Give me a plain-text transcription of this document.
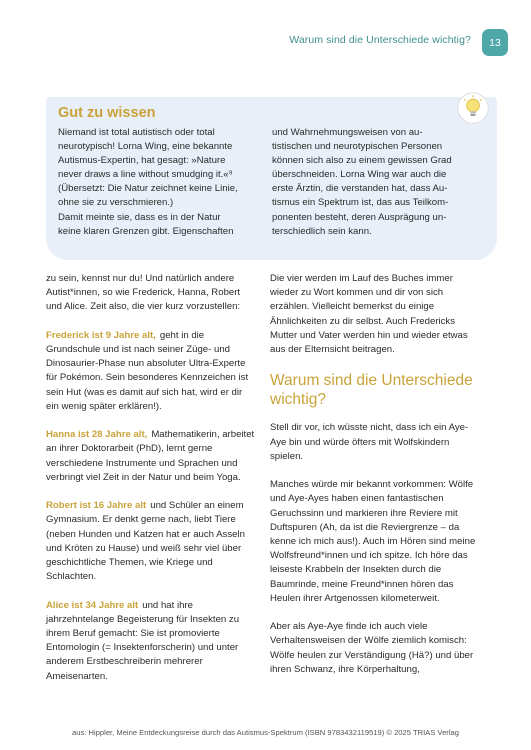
Warum sind die Unterschiede wichtig? 13
Gut zu wissen

Niemand ist total autistisch oder total

neurotypisch! Lorna Wing, eine bekannte

Autismus-Expertin, hat gesagt: »Nature

never draws a line without smudging it.«⁹

(Übersetzt: Die Natur zeichnet keine Linie,

ohne sie zu verschmieren.)

Damit meinte sie, dass es in der Natur

keine klaren Grenzen gibt. Eigenschaften

und Wahrnehmungsweisen von au-

tistischen und neurotypischen Personen

können sich also zu einem gewissen Grad

überschneiden. Lorna Wing war auch die

erste Ärztin, die verstanden hat, dass Au-

tismus ein Spektrum ist, das aus Teilkom-

ponenten besteht, deren Ausprägung un-

terschiedlich sein kann.

zu sein, kennst nur du! Und natürlich andere Autist*innen, so wie Frederick, Hanna, Robert und Alice. Zeit also, die vier kurz vorzustellen:

Frederick ist 9 Jahre alt, geht in die Grundschule und ist nach seiner Züge- und Dinosaurier-Phase nun absoluter Ultra-Experte für Pokémon. Sein besonderes Kennzeichen ist sein Hut (was es damit auf sich hat, wird er dir ein wenig später erklären!).

Hanna ist 28 Jahre alt, Mathematikerin, arbeitet an ihrer Doktorarbeit (PhD), lernt gerne verschiedene Instrumente und Sprachen und verbringt viel Zeit in der Natur und beim Yoga.

Robert ist 16 Jahre alt und Schüler an einem Gymnasium. Er denkt gerne nach, liebt Tiere (neben Hunden und Katzen hat er auch Asseln und Kröten zu Hause) und weiß sehr viel über geschichtliche Themen, wie Kriege und Schlachten.

Alice ist 34 Jahre alt und hat ihre jahrzehntelange Begeisterung für Insekten zu ihrem Beruf gemacht: Sie ist promovierte Entomologin (= Insektenforscherin) und unter anderem Erstbeschreiberin mehrerer Ameisenarten.

Die vier werden im Lauf des Buches immer wieder zu Wort kommen und dir von sich erzählen. Vielleicht bemerkst du einige Ähnlichkeiten zu dir selbst. Auch Fredericks Mutter und Vater werden hin und wieder etwas aus der Elternsicht beitragen.

Warum sind die Unterschiede wichtig?

Stell dir vor, ich wüsste nicht, dass ich ein Aye-Aye bin und würde öfters mit Wolfskindern spielen.

Manches würde mir bekannt vorkommen: Wölfe und Aye-Ayes haben einen fantastischen Geruchssinn und markieren ihre Reviere mit Duftspuren (Ah, da ist die Reviergrenze – da kenne ich mich aus!). Auch im Hören sind meine Wolfsfreund*innen und ich spitze. Ich höre das leiseste Krabbeln der Insekten durch die Baumrinde, meine Freund*innen hören das Heulen ihrer Artgenossen kilometerweit.

Aber als Aye-Aye finde ich auch viele Verhaltensweisen der Wölfe ziemlich komisch: Wölfe heulen zur Verständigung (Hä?) und über ihren Schwanz, ihre Körperhaltung,

aus: Hippler, Meine Entdeckungsreise durch das Autismus-Spektrum (ISBN 9783432119519) © 2025 TRIAS Verlag
